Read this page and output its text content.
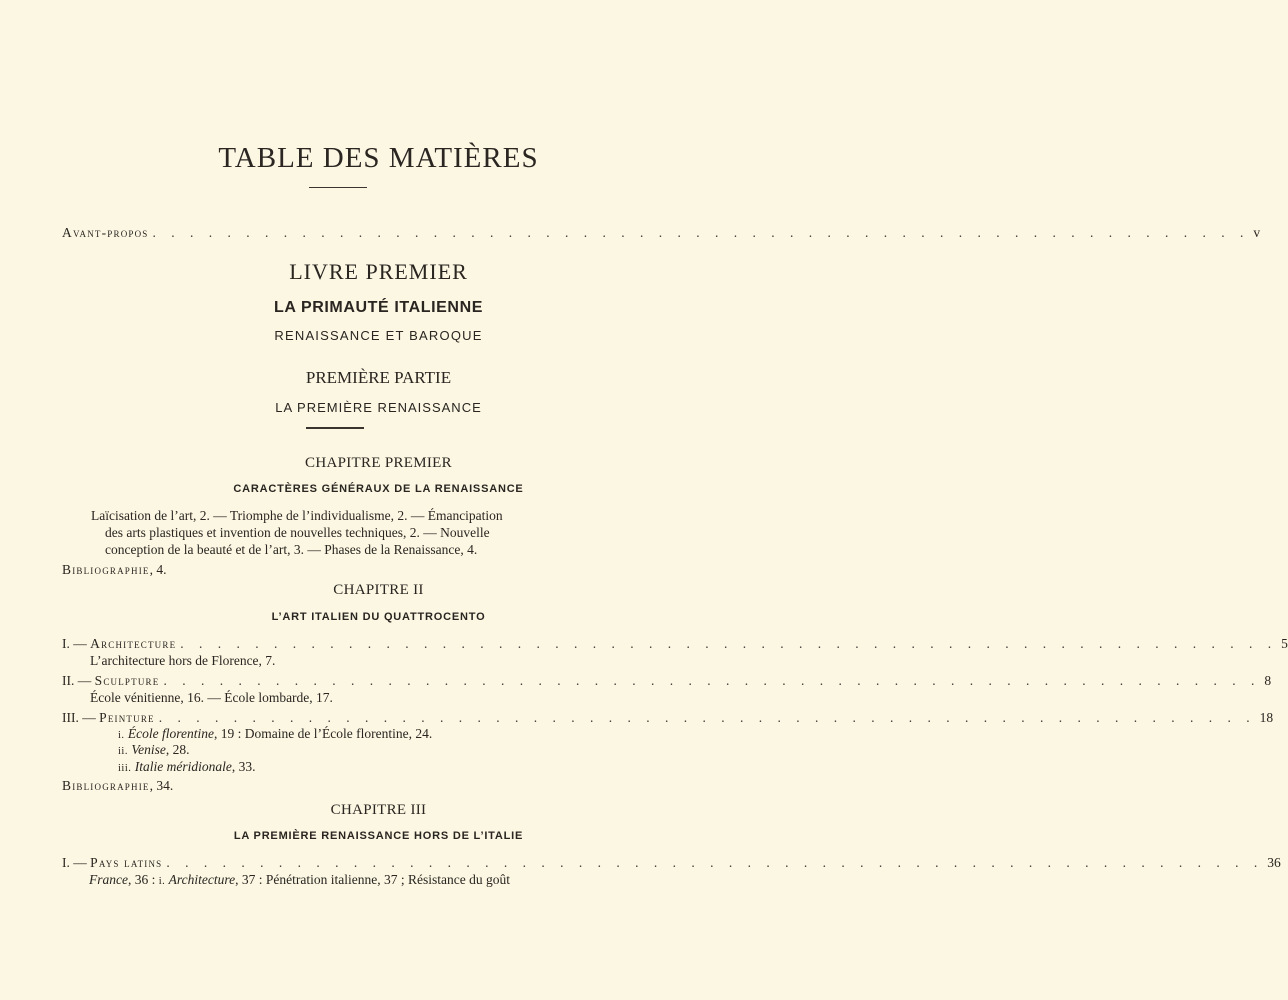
TABLE DES MATIÈRES
Avant-propos . . . . . . . . . . . . . . . . . . . . . . . . . . . . . . . . . . . . . . . . . . . . . . . . . . . . . . . . . . . v
LIVRE PREMIER
LA PRIMAUTÉ ITALIENNE
RENAISSANCE ET BAROQUE
PREMIÈRE PARTIE
LA PREMIÈRE RENAISSANCE
CHAPITRE PREMIER
CARACTÈRES GÉNÉRAUX DE LA RENAISSANCE
Laïcisation de l’art, 2. — Triomphe de l’individualisme, 2. — Émancipation
des arts plastiques et invention de nouvelles techniques, 2. — Nouvelle
conception de la beauté et de l’art, 3. — Phases de la Renaissance, 4.
Bibliographie, 4.
CHAPITRE II
L’ART ITALIEN DU QUATTROCENTO
I. — Architecture . . . . . . . . . . . . . . . . . . . . . . . . . . . . . . . . . . . . . . . . . . . . . . . . . . . . . . . . . . . 5
L’architecture hors de Florence, 7.
II. — Sculpture . . . . . . . . . . . . . . . . . . . . . . . . . . . . . . . . . . . . . . . . . . . . . . . . . . . . . . . . . . . 8
École vénitienne, 16. — École lombarde, 17.
III. — Peinture . . . . . . . . . . . . . . . . . . . . . . . . . . . . . . . . . . . . . . . . . . . . . . . . . . . . . . . . . . . 18
i. École florentine, 19 : Domaine de l’École florentine, 24.
ii. Venise, 28.
iii. Italie méridionale, 33.
Bibliographie, 34.
CHAPITRE III
LA PREMIÈRE RENAISSANCE HORS DE L’ITALIE
I. — Pays latins . . . . . . . . . . . . . . . . . . . . . . . . . . . . . . . . . . . . . . . . . . . . . . . . . . . . . . . . . . . 36
France, 36 : i. Architecture, 37 : Pénétration italienne, 37 ; Résistance du goût
